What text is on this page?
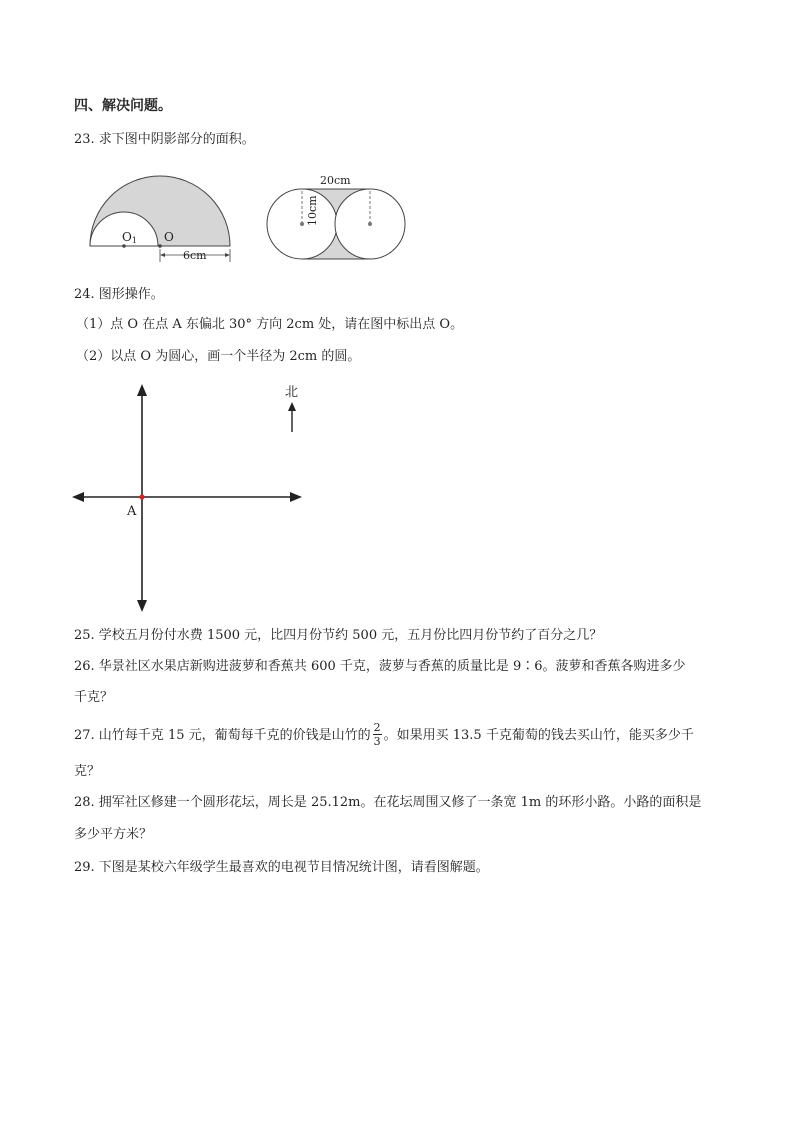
四、解决问题。
23. 求下图中阴影部分的面积。
O1 O
6cm
20cm
10cm
24. 图形操作。
（1）点 O 在点 A 东偏北 30° 方向 2cm 处，请在图中标出点 O。
（2）以点 O 为圆心，画一个半径为 2cm 的圆。
A
北
25. 学校五月份付水费 1500 元，比四月份节约 500 元，五月份比四月份节约了百分之几？
26. 华景社区水果店新购进菠萝和香蕉共 600 千克，菠萝与香蕉的质量比是 9∶6。菠萝和香蕉各购进多少
千克？
27. 山竹每千克 15 元，葡萄每千克的价钱是山竹的 $\frac{2}{3}$ 。如果用买 13.5 千克葡萄的钱去买山竹，能买多少千
克？
28. 拥军社区修建一个圆形花坛，周长是 25.12m。在花坛周围又修了一条宽 1m 的环形小路。小路的面积是
多少平方米？
29. 下图是某校六年级学生最喜欢的电视节目情况统计图，请看图解题。
